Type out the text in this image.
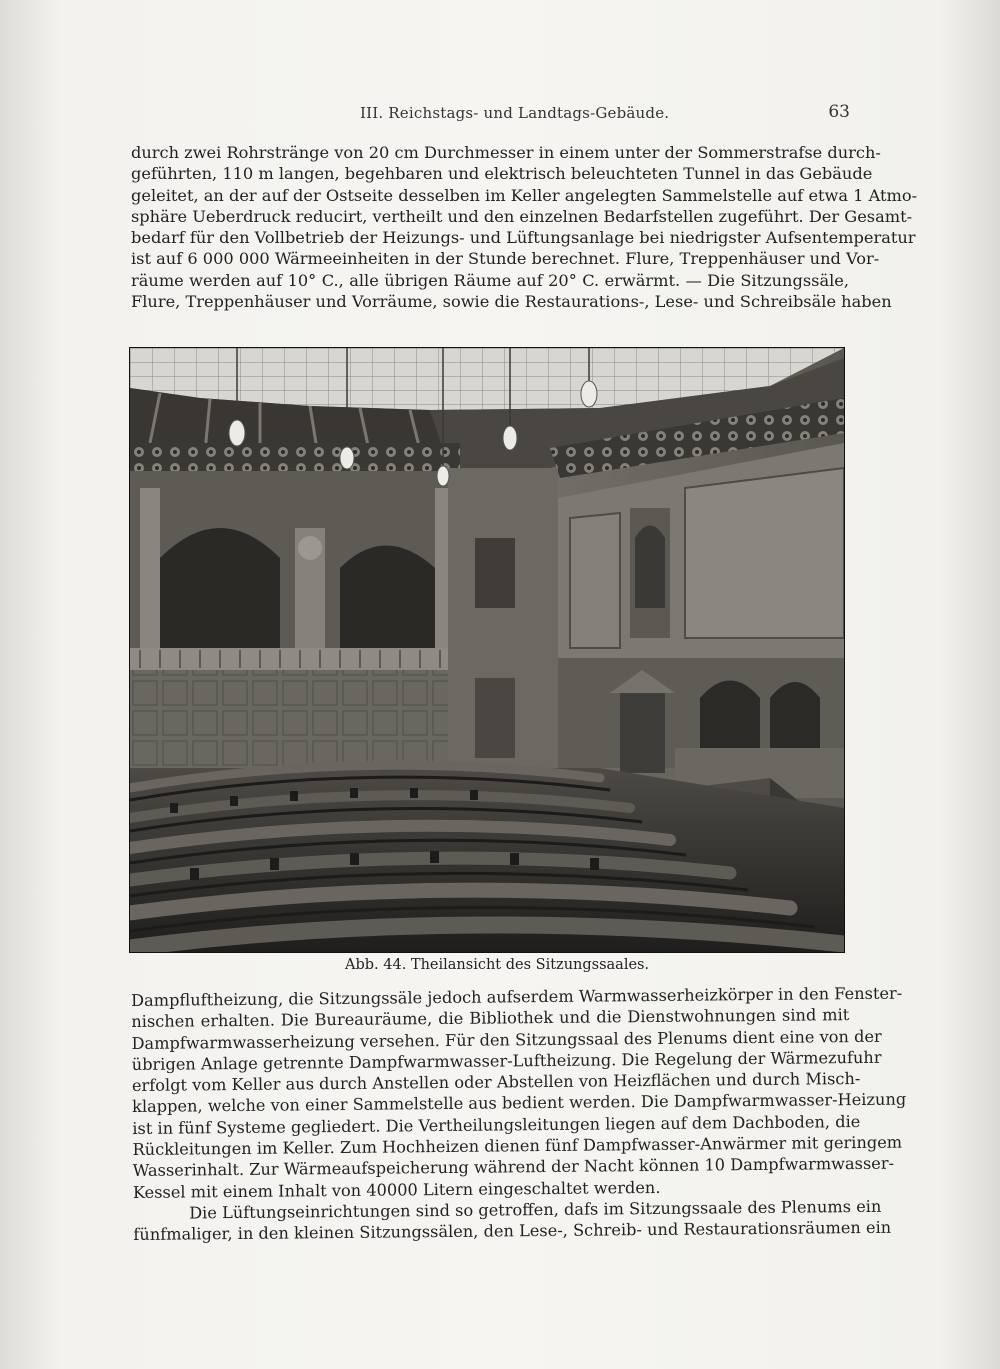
III. Reichstags- und Landtags-Gebäude.	63
durch zwei Rohrstränge von 20 cm Durchmesser in einem unter der Sommerstrafse durch-
geführten, 110 m langen, begehbaren und elektrisch beleuchteten Tunnel in das Gebäude
geleitet, an der auf der Ostseite desselben im Keller angelegten Sammelstelle auf etwa 1 Atmo-
sphäre Ueberdruck reducirt, vertheilt und den einzelnen Bedarfstellen zugeführt. Der Gesamt-
bedarf für den Vollbetrieb der Heizungs- und Lüftungsanlage bei niedrigster Aufsentemperatur
ist auf 6 000 000 Wärmeeinheiten in der Stunde berechnet. Flure, Treppenhäuser und Vor-
räume werden auf 10° C., alle übrigen Räume auf 20° C. erwärmt. — Die Sitzungssäle,
Flure, Treppenhäuser und Vorräume, sowie die Restaurations-, Lese- und Schreibsäle haben
Abb. 44. Theilansicht des Sitzungssaales.
Dampfluftheizung, die Sitzungssäle jedoch aufserdem Warmwasserheizkörper in den Fenster-
nischen erhalten. Die Bureauräume, die Bibliothek und die Dienstwohnungen sind mit
Dampfwarmwasserheizung versehen. Für den Sitzungssaal des Plenums dient eine von der
übrigen Anlage getrennte Dampfwarmwasser-Luftheizung. Die Regelung der Wärmezufuhr
erfolgt vom Keller aus durch Anstellen oder Abstellen von Heizflächen und durch Misch-
klappen, welche von einer Sammelstelle aus bedient werden. Die Dampfwarmwasser-Heizung
ist in fünf Systeme gegliedert. Die Vertheilungsleitungen liegen auf dem Dachboden, die
Rückleitungen im Keller. Zum Hochheizen dienen fünf Dampfwasser-Anwärmer mit geringem
Wasserinhalt. Zur Wärmeaufspeicherung während der Nacht können 10 Dampfwarmwasser-
Kessel mit einem Inhalt von 40000 Litern eingeschaltet werden.
Die Lüftungseinrichtungen sind so getroffen, dafs im Sitzungssaale des Plenums ein
fünfmaliger, in den kleinen Sitzungssälen, den Lese-, Schreib- und Restaurationsräumen ein
